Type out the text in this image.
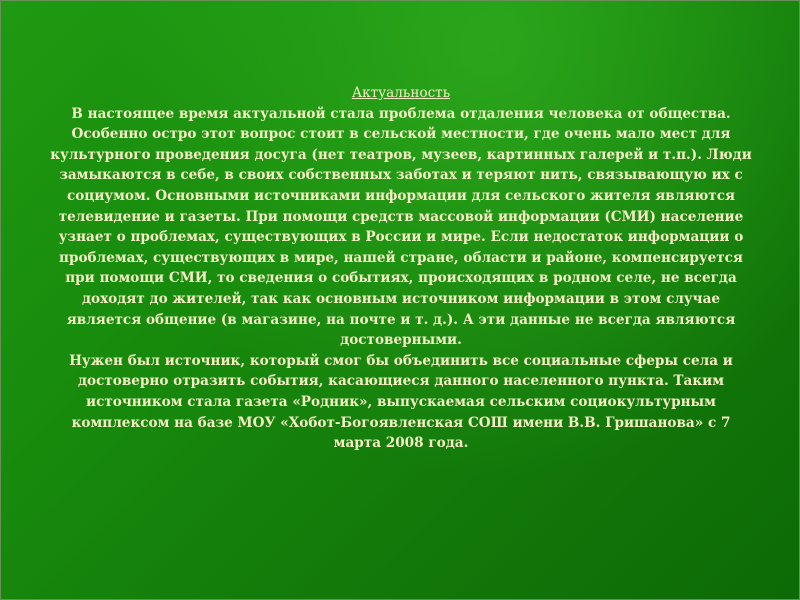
Актуальность
В настоящее время актуальной стала проблема отдаления человека от общества. Особенно остро этот вопрос стоит в сельской местности, где очень мало мест для культурного проведения досуга (нет театров, музеев, картинных галерей и т.п.). Люди замыкаются в себе, в своих собственных заботах и теряют нить, связывающую их с социумом. Основными источниками информации для сельского жителя являются телевидение и газеты. При помощи средств массовой информации (СМИ) население узнает о проблемах, существующих в России и мире. Если недостаток информации о проблемах, существующих в мире, нашей стране, области и районе, компенсируется при помощи СМИ, то сведения о событиях, происходящих в родном селе, не всегда доходят до жителей, так как основным источником информации в этом случае является общение (в магазине, на почте и т. д.). А эти данные не всегда являются достоверными.
Нужен был источник, который смог бы объединить все социальные сферы села и достоверно отразить события, касающиеся данного населенного пункта. Таким источником стала газета «Родник», выпускаемая сельским социокультурным комплексом на базе МОУ «Хобот-Богоявленская СОШ имени В.В. Гришанова» с 7 марта 2008 года.
